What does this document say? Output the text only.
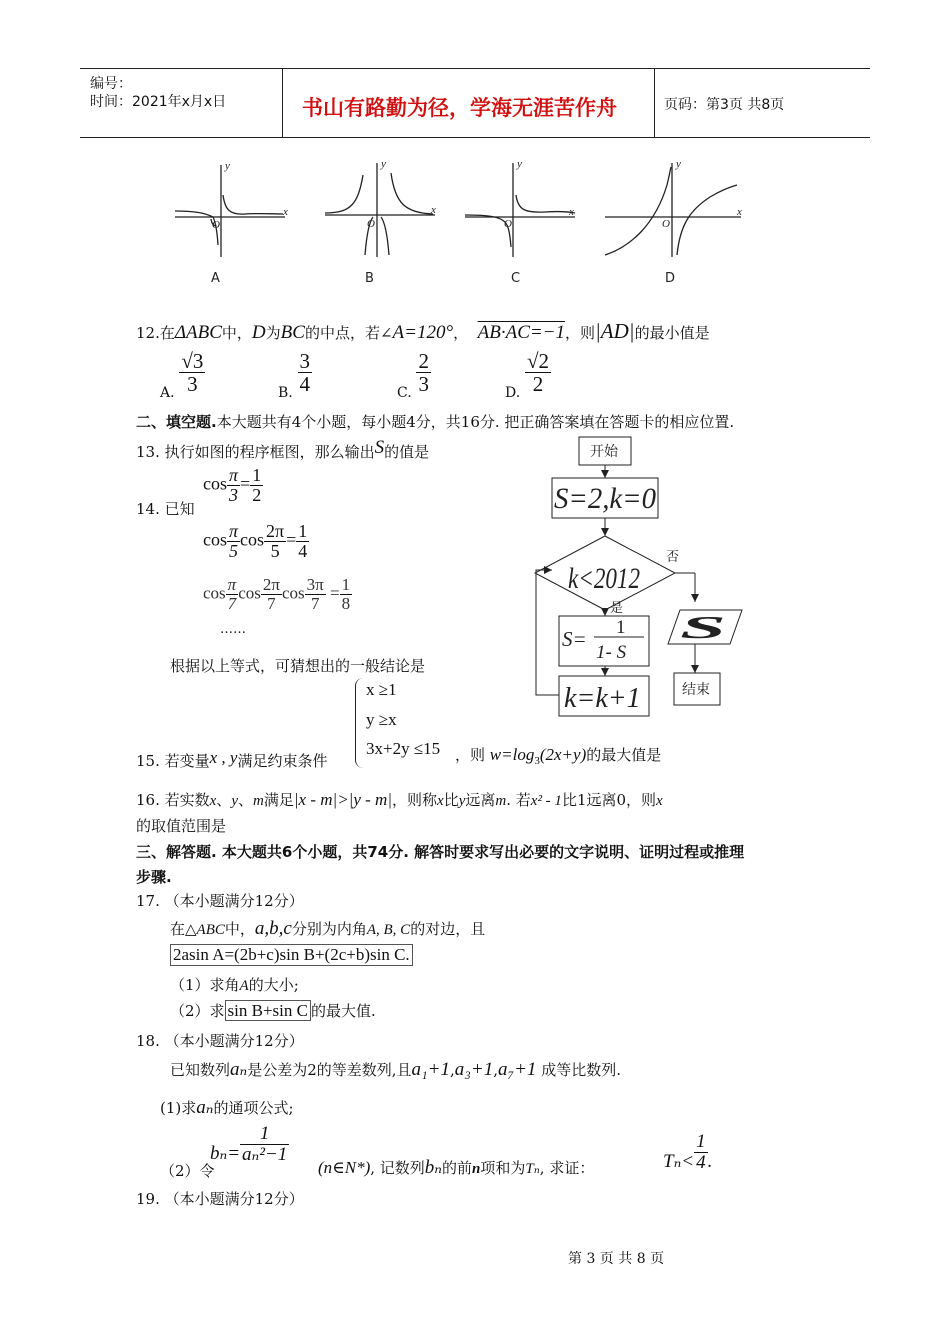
编号：
时间：2021年x月x日	书山有路勤为径，学海无涯苦作舟	页码：第3页 共8页
y
x
O
y
x
O
y
x
O
y
x
O
A	B	C	D
12.在ΔABC中，D为BC的中点，若∠A=120°， AB·AC=−1，则|AD|的最小值是
A. $\frac{√3}{3}$	B. $\frac{3}{4}$	C. $\frac{2}{3}$	D. $\frac{√2}{2}$
二、填空题.本大题共有4个小题，每小题4分，共16分. 把正确答案填在答题卡的相应位置.
13. 执行如图的程序框图，那么输出S的值是	开始
S=2,k=0
k<2012
否
是
S
S= 1
1- S
k=k+1	结束
$\cos \frac{\pi}{3} = \frac{1}{2}$
14. 已知
$\cos \frac{\pi}{5}$ $\cos \frac{2\pi}{5} = \frac{1}{4}$
$\cos \frac{\pi}{7}$ $\cos \frac{2\pi}{7}$ $\cos \frac{3\pi}{7} = \frac{1}{8}$
……
根据以上等式，可猜想出的一般结论是
x ≥1
y ≥x
3x+2y ≤15
15. 若变量x , y满足约束条件	，则 $w=\log_3(2x+y)$的最大值是
16. 若实数x、y、m满足|x - m|>|y - m|，则称x比y远离m. 若x² - 1比1远离0，则x
的取值范围是
三、解答题. 本大题共6个小题，共74分. 解答时要求写出必要的文字说明、证明过程或推理
步骤.
17. （本小题满分12分）
在△ABC中，a,b,c分别为内角A, B, C的对边，且
2asin A=(2b+c)sin B+(2c+b)sin C.
（1）求角A的大小;
（2）求 sin B+sin C 的最大值.
18. （本小题满分12分）
已知数列aₙ是公差为2的等差数列,且a₁+1,a₃+1,a₇+1 成等比数列.
(1)求aₙ的通项公式;
$b_n= \frac{1}{\text{aₙ²−1}}$
（2）令	(n∈N*), 记数列bₙ的前n项和为Tₙ, 求证：	$T_n< \frac{1}{4}$ .
19. （本小题满分12分）
第 3 页 共 8 页
